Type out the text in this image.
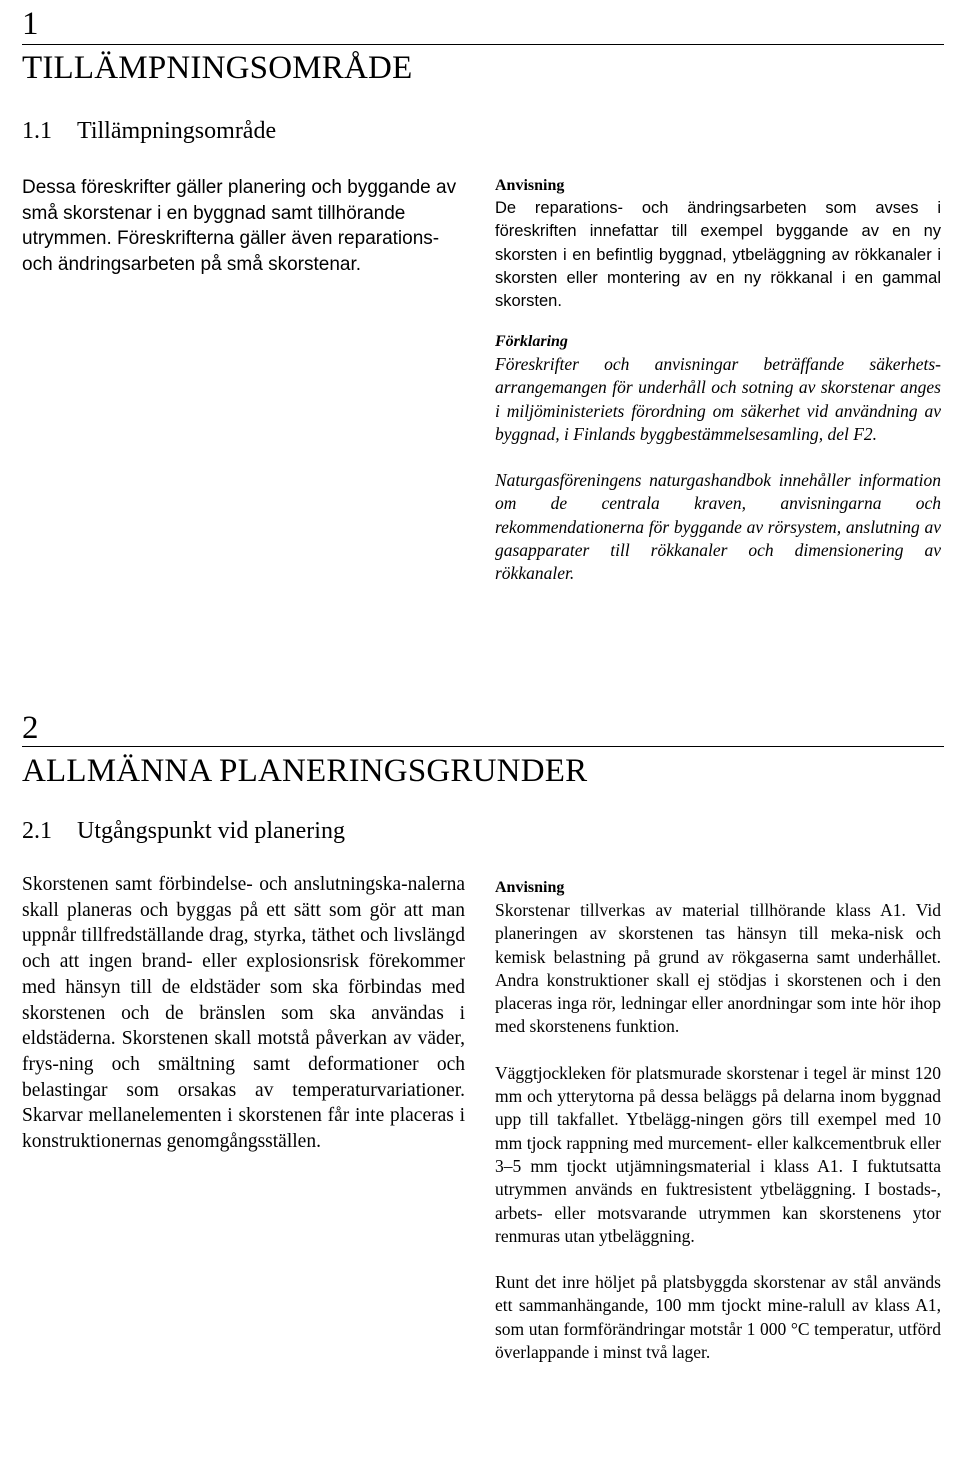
1
TILLÄMPNINGSOMRÅDE
1.1 Tillämpningsområde

Dessa föreskrifter gäller planering och byggande av små skorstenar i en byggnad samt tillhörande utrymmen. Föreskrifterna gäller även reparations- och ändringsarbeten på små skorstenar.

Anvisning

De reparations- och ändringsarbeten som avses i föreskriften innefattar till exempel byggande av en ny skorsten i en befintlig byggnad, ytbeläggning av rökkanaler i skorsten eller montering av en ny rökkanal i en gammal skorsten.

Förklaring

Föreskrifter och anvisningar beträffande säkerhets-arrangemangen för underhåll och sotning av skorstenar anges i miljöministeriets förordning om säkerhet vid användning av byggnad, i Finlands byggbestämmelsesamling, del F2.

Naturgasföreningens naturgashandbok innehåller information om de centrala kraven, anvisningarna och rekommendationerna för byggande av rörsystem, anslutning av gasapparater till rökkanaler och dimensionering av rökkanaler.

2
ALLMÄNNA PLANERINGSGRUNDER
2.1 Utgångspunkt vid planering

Skorstenen samt förbindelse- och anslutningska-nalerna skall planeras och byggas på ett sätt som gör att man uppnår tillfredställande drag, styrka, täthet och livslängd och att ingen brand- eller explosionsrisk förekommer med hänsyn till de eldstäder som ska förbindas med skorstenen och de bränslen som ska användas i eldstäderna. Skorstenen skall motstå påverkan av väder, frys-ning och smältning samt deformationer och belastingar som orsakas av temperaturvariationer. Skarvar mellanelementen i skorstenen får inte placeras i konstruktionernas genomgångsställen.

Anvisning

Skorstenar tillverkas av material tillhörande klass A1. Vid planeringen av skorstenen tas hänsyn till meka-nisk och kemisk belastning på grund av rökgaserna samt underhållet. Andra konstruktioner skall ej stödjas i skorstenen och i den placeras inga rör, ledningar eller anordningar som inte hör ihop med skorstenens funktion.

Väggtjockleken för platsmurade skorstenar i tegel är minst 120 mm och ytterytorna på dessa beläggs på delarna inom byggnad upp till takfallet. Ytbelägg-ningen görs till exempel med 10 mm tjock rappning med murcement- eller kalkcementbruk eller 3–5 mm tjockt utjämningsmaterial i klass A1. I fuktutsatta utrymmen används en fuktresistent ytbeläggning. I bostads-, arbets- eller motsvarande utrymmen kan skorstenens ytor renmuras utan ytbeläggning.

Runt det inre höljet på platsbyggda skorstenar av stål används ett sammanhängande, 100 mm tjockt mine-ralull av klass A1, som utan formförändringar motstår 1 000 °C temperatur, utförd överlappande i minst två lager.
